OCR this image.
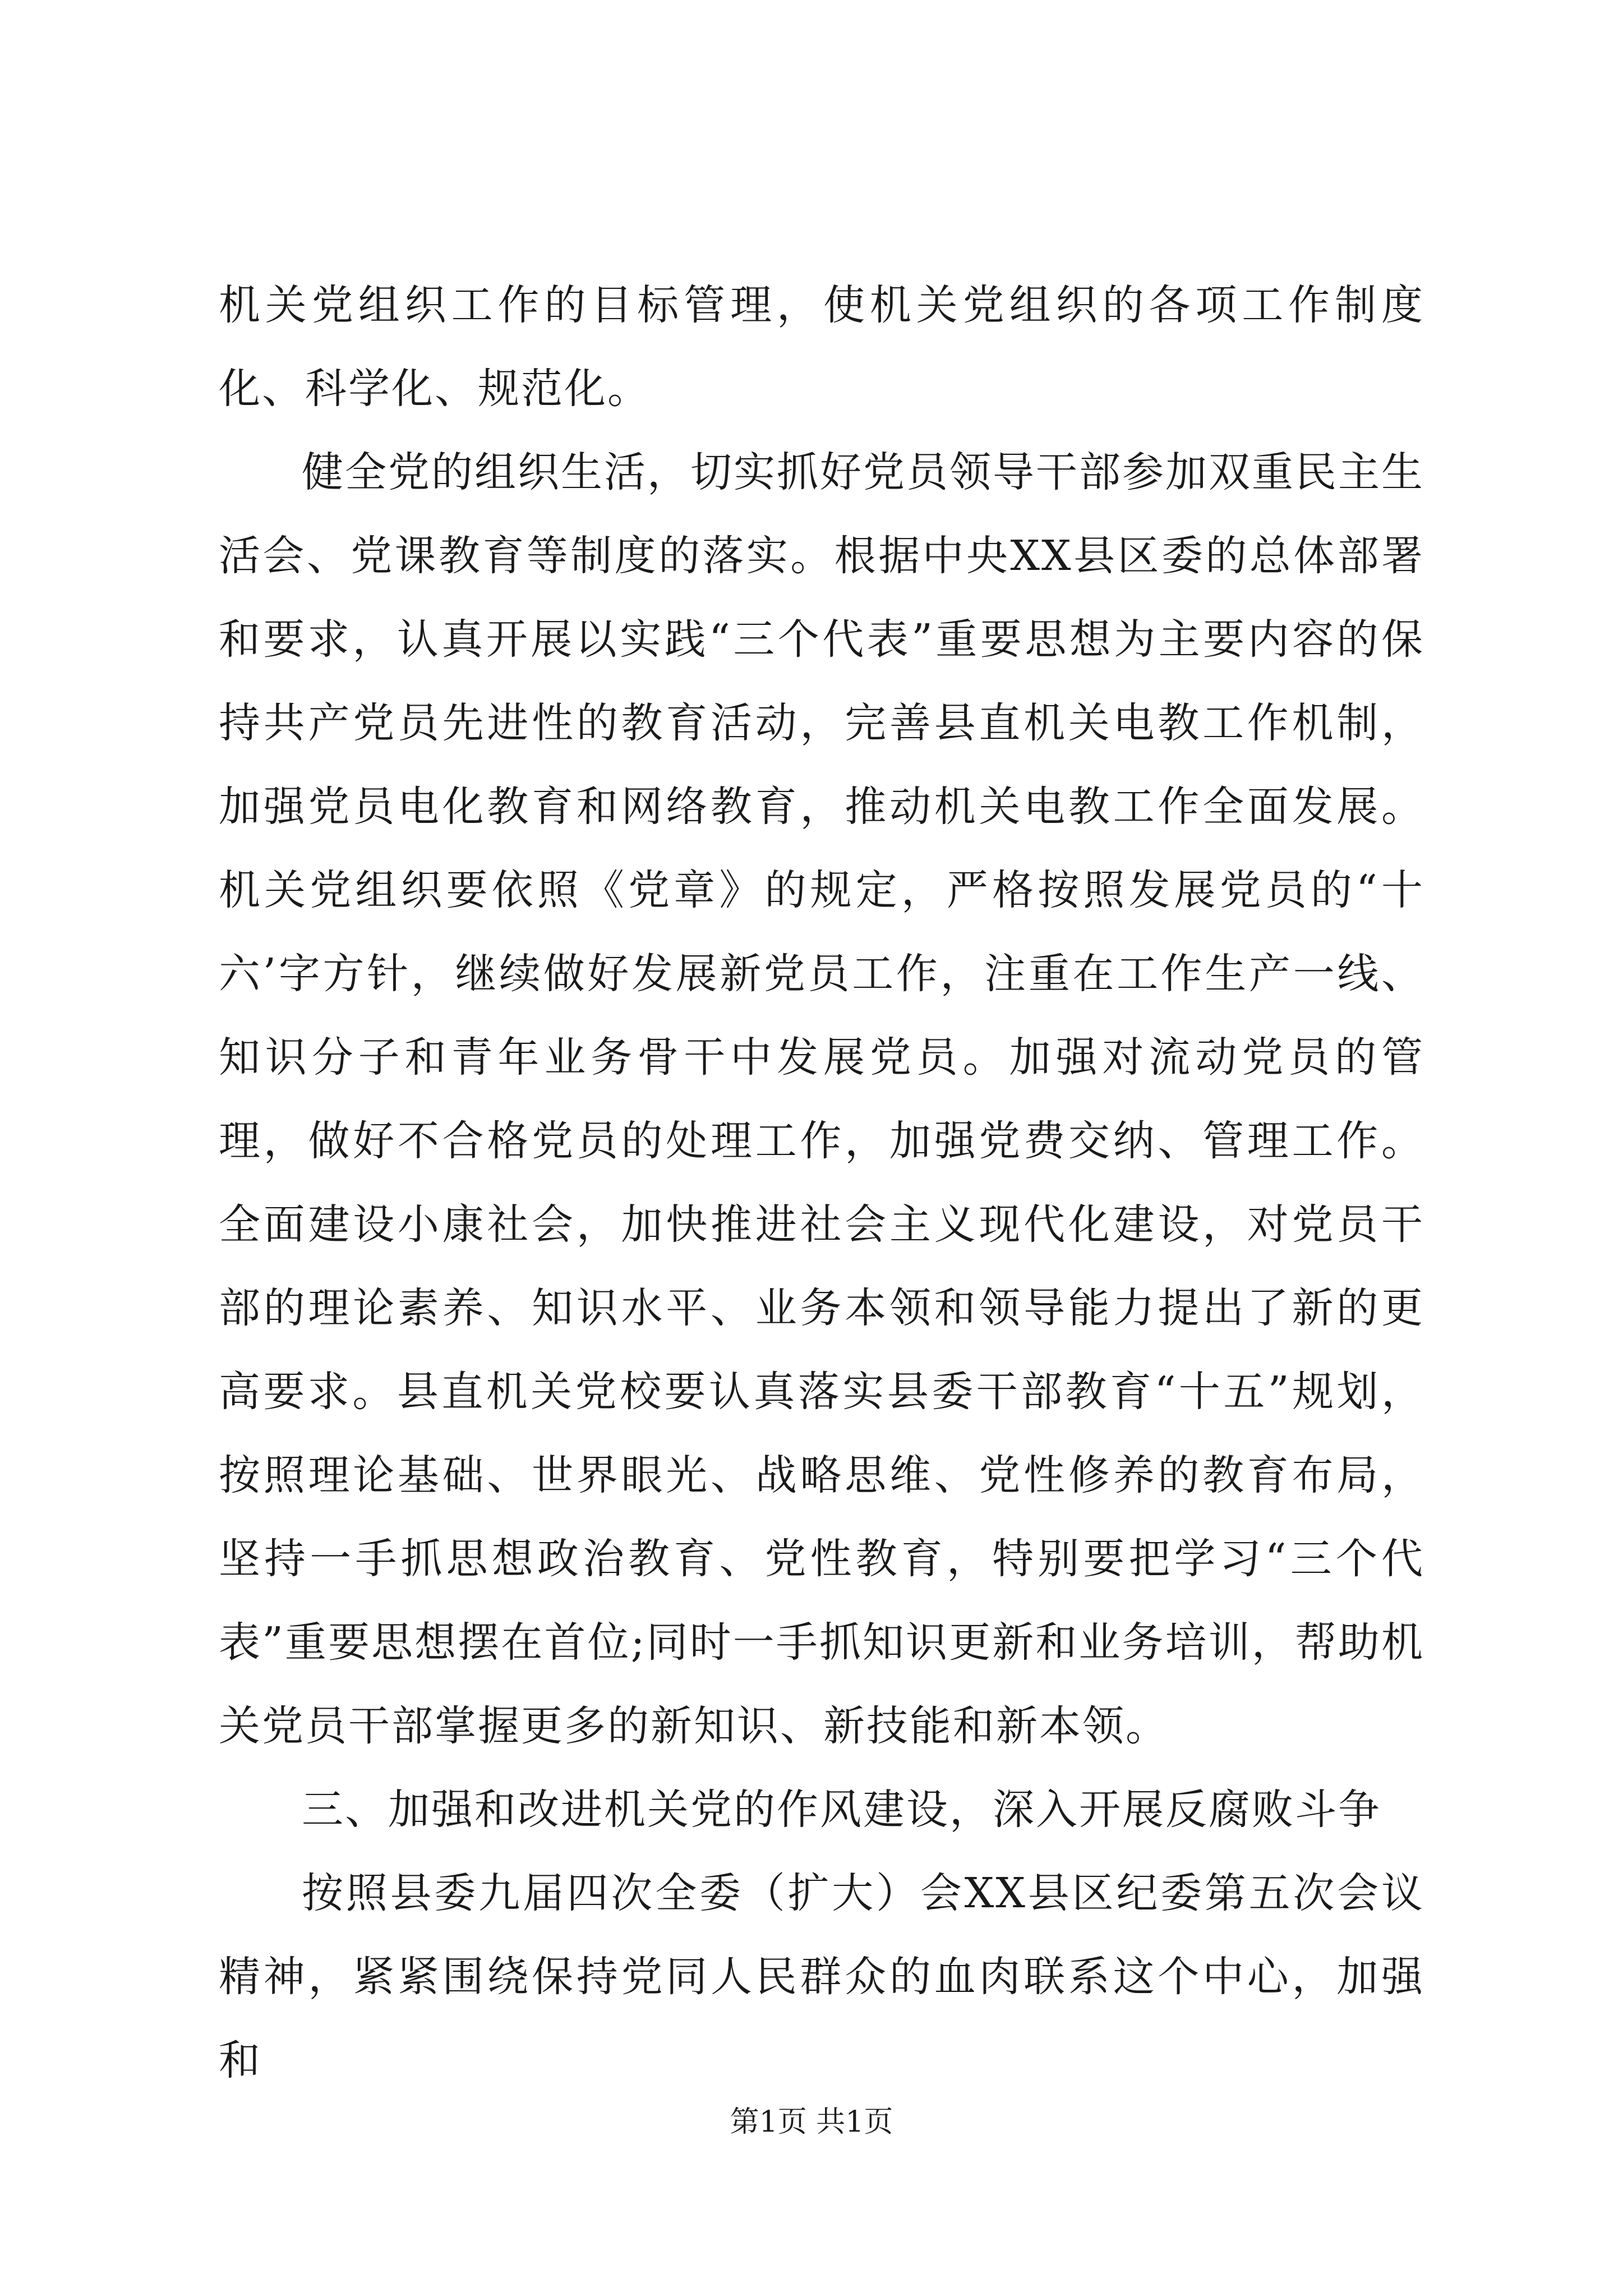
机关党组织工作的目标管理，使机关党组织的各项工作制度化、科学化、规范化。

健全党的组织生活，切实抓好党员领导干部参加双重民主生活会、党课教育等制度的落实。根据中央XX县区委的总体部署和要求，认真开展以实践“三个代表”重要思想为主要内容的保持共产党员先进性的教育活动，完善县直机关电教工作机制，加强党员电化教育和网络教育，推动机关电教工作全面发展。机关党组织要依照《党章》的规定，严格按照发展党员的“十六’字方针，继续做好发展新党员工作，注重在工作生产一线、知识分子和青年业务骨干中发展党员。加强对流动党员的管理，做好不合格党员的处理工作，加强党费交纳、管理工作。全面建设小康社会，加快推进社会主义现代化建设，对党员干部的理论素养、知识水平、业务本领和领导能力提出了新的更高要求。县直机关党校要认真落实县委干部教育“十五”规划，按照理论基础、世界眼光、战略思维、党性修养的教育布局，坚持一手抓思想政治教育、党性教育，特别要把学习“三个代表”重要思想摆在首位;同时一手抓知识更新和业务培训，帮助机关党员干部掌握更多的新知识、新技能和新本领。

三、加强和改进机关党的作风建设，深入开展反腐败斗争

按照县委九届四次全委（扩大）会XX县区纪委第五次会议精神，紧紧围绕保持党同人民群众的血肉联系这个中心，加强和

第1页 共1页
